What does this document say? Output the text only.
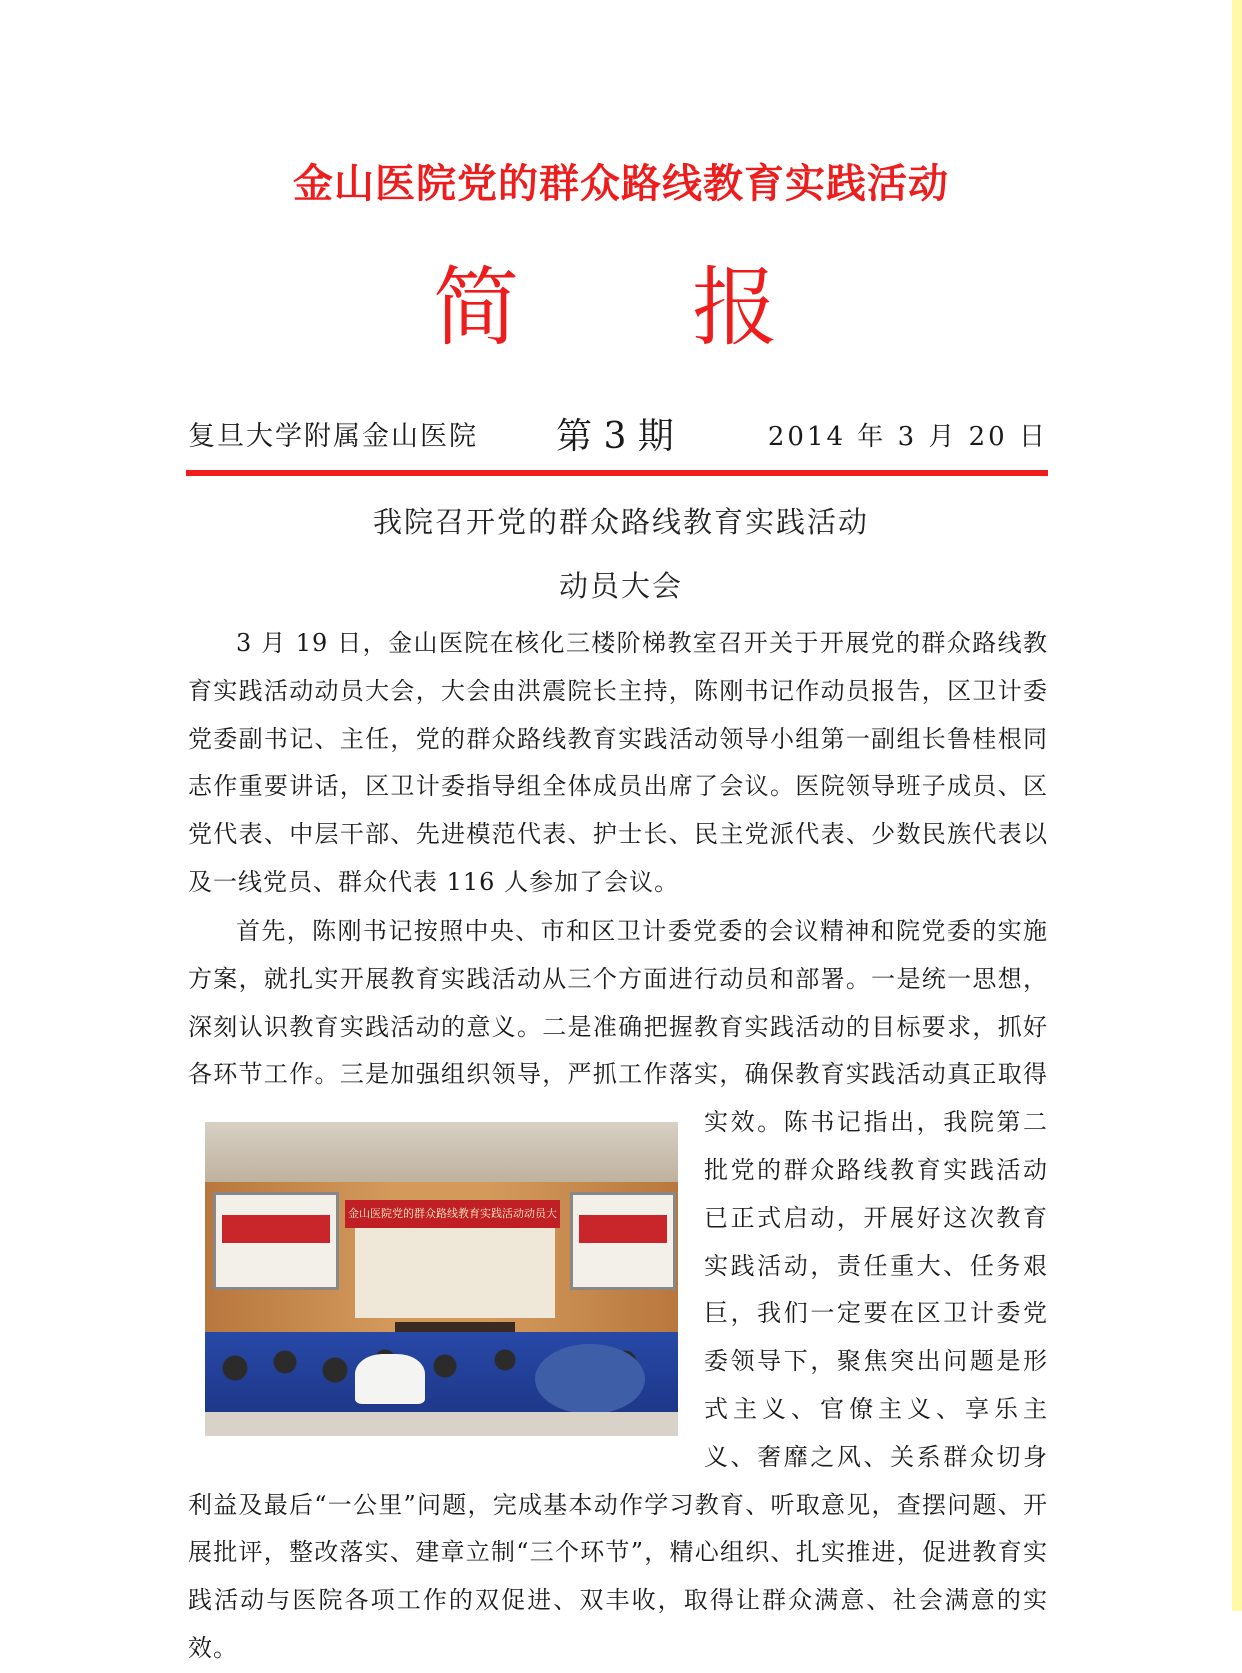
金山医院党的群众路线教育实践活动
简 报
复旦大学附属金山医院 第 3 期	2014 年 3 月 20 日
我院召开党的群众路线教育实践活动
动员大会

3 月 19 日，金山医院在核化三楼阶梯教室召开关于开展党的群众路线教育实践活动动员大会，大会由洪震院长主持，陈刚书记作动员报告，区卫计委党委副书记、主任，党的群众路线教育实践活动领导小组第一副组长鲁桂根同志作重要讲话，区卫计委指导组全体成员出席了会议。医院领导班子成员、区党代表、中层干部、先进模范代表、护士长、民主党派代表、少数民族代表以及一线党员、群众代表 116 人参加了会议。

首先，陈刚书记按照中央、市和区卫计委党委的会议精神和院党委的实施方案，就扎实开展教育实践活动从三个方面进行动员和部署。一是统一思想，深刻认识教育实践活动的意义。二是准确把握教育实践活动的目标要求，抓好各环节工作。三是加强组织领导，严抓工作落实，确保教育实践活动真正取得实效。陈
书记指出，我院第二批党的群众路线教育实践活动已正式启动，开展好这次教育实践活动，责任重大、任务艰巨，我们一定要在区卫计委党委领导下，聚焦突出问题是形式主义、官僚主义、享乐主义、奢靡之风、关系群众切身利益及最后“一公里”问题，完成基本动作学习教育、听取意见，查摆问题、开展批评，整改落实、建章立制“三个环节”，精心组织、扎实推进，促进教育实践活动与医院各项工作的双促进、双丰收，取得让群众满意、社会满意的实效。

金山医院党的群众路线教育实践活动动员大
